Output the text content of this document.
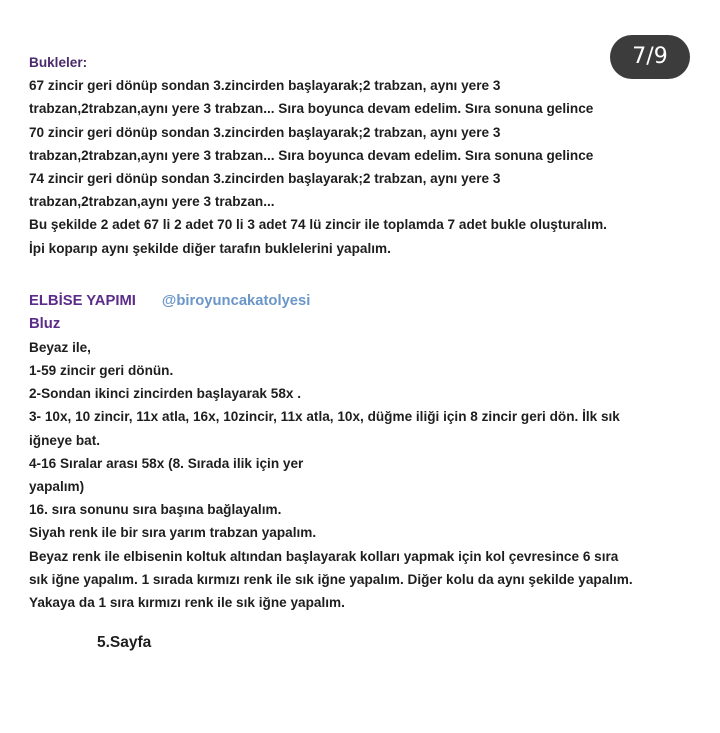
7/9
Bukleler:
67 zincir geri dönüp sondan 3.zincirden başlayarak;2 trabzan, aynı yere 3
trabzan,2trabzan,aynı yere 3 trabzan... Sıra boyunca devam edelim. Sıra sonuna gelince
70 zincir geri dönüp sondan 3.zincirden başlayarak;2 trabzan, aynı yere 3
trabzan,2trabzan,aynı yere 3 trabzan... Sıra boyunca devam edelim. Sıra sonuna gelince
74 zincir geri dönüp sondan 3.zincirden başlayarak;2 trabzan, aynı yere 3
trabzan,2trabzan,aynı yere 3 trabzan...
Bu şekilde 2 adet 67 li 2 adet 70 li 3 adet 74 lü zincir ile toplamda 7 adet bukle oluşturalım.
İpi koparıp aynı şekilde diğer tarafın buklelerini yapalım.
ELBİSE YAPIMI @biroyuncakatolyesi
Bluz
Beyaz ile,
1-59 zincir geri dönün.
2-Sondan ikinci zincirden başlayarak 58x .
3- 10x, 10 zincir, 11x atla, 16x, 10zincir, 11x atla, 10x, düğme iliği için 8 zincir geri dön. İlk sık
iğneye bat.
4-16 Sıralar arası 58x (8. Sırada ilik için yer
yapalım)
16. sıra sonunu sıra başına bağlayalım.
Siyah renk ile bir sıra yarım trabzan yapalım.
Beyaz renk ile elbisenin koltuk altından başlayarak kolları yapmak için kol çevresince 6 sıra
sık iğne yapalım. 1 sırada kırmızı renk ile sık iğne yapalım. Diğer kolu da aynı şekilde yapalım.
Yakaya da 1 sıra kırmızı renk ile sık iğne yapalım.
5.Sayfa
